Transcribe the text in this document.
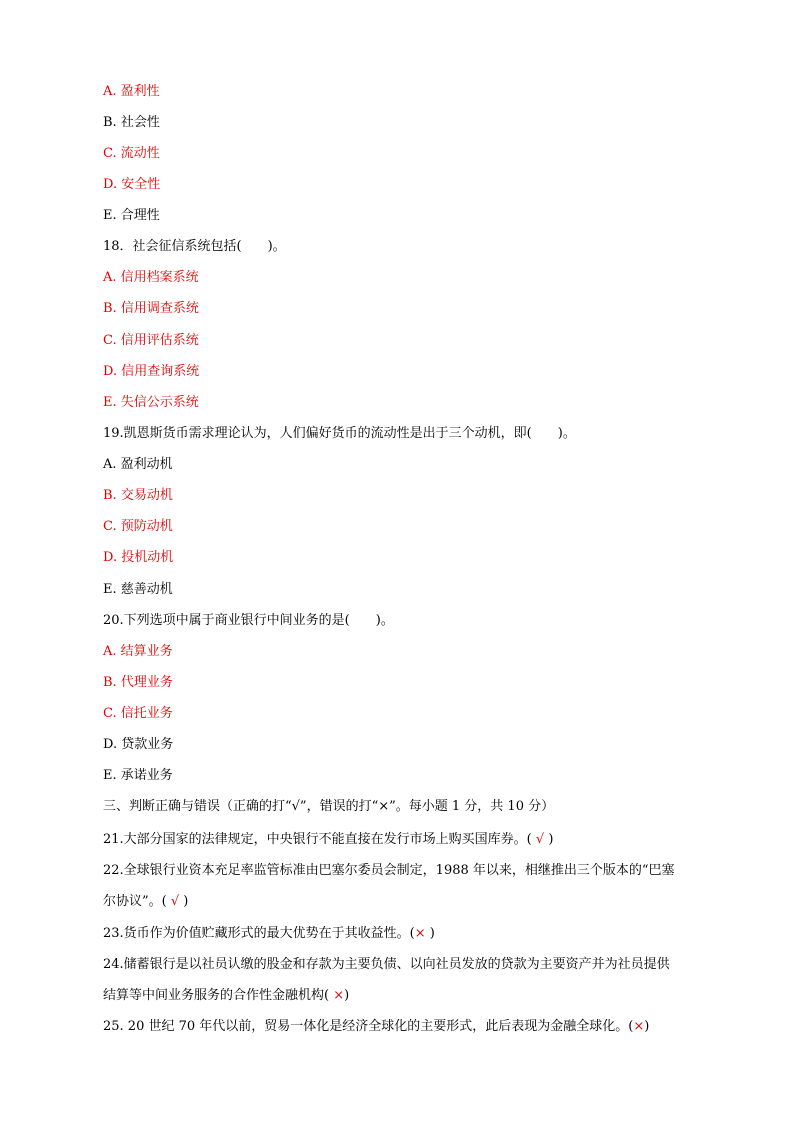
A. 盈利性
B. 社会性
C. 流动性
D. 安全性
E. 合理性
18．社会征信系统包括(　　)。
A. 信用档案系统
B. 信用调查系统
C. 信用评估系统
D. 信用查询系统
E. 失信公示系统
19.凯恩斯货币需求理论认为，人们偏好货币的流动性是出于三个动机，即(　　)。
A. 盈利动机
B. 交易动机
C. 预防动机
D. 投机动机
E. 慈善动机
20.下列选项中属于商业银行中间业务的是(　　)。
A. 结算业务
B. 代理业务
C. 信托业务
D. 贷款业务
E. 承诺业务
三、判断正确与错误（正确的打“√”，错误的打“×”。每小题 1 分，共 10 分）
21.大部分国家的法律规定，中央银行不能直接在发行市场上购买国库券。( √ )
22.全球银行业资本充足率监管标准由巴塞尔委员会制定，1988 年以来，相继推出三个版本的“巴塞
尔协议”。( √ )
23.货币作为价值贮藏形式的最大优势在于其收益性。(× )
24.储蓄银行是以社员认缴的股金和存款为主要负债、以向社员发放的贷款为主要资产并为社员提供
结算等中间业务服务的合作性金融机构( ×)
25. 20 世纪 70 年代以前，贸易一体化是经济全球化的主要形式，此后表现为金融全球化。(×)
